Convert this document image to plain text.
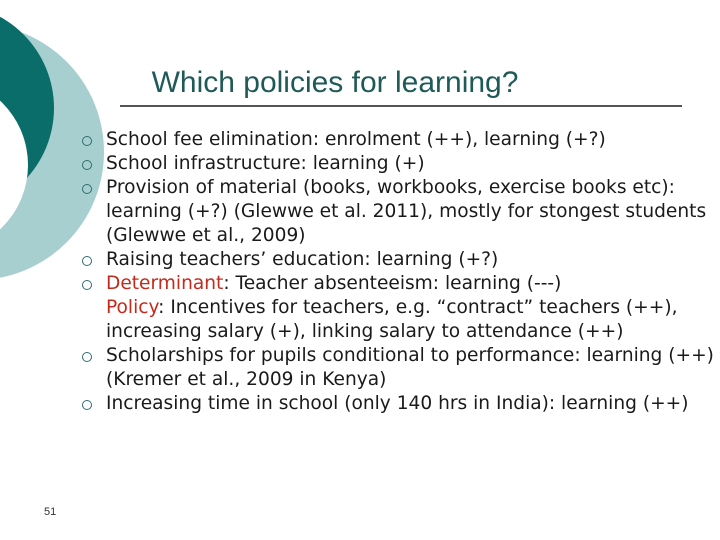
Which policies for learning?
School fee elimination: enrolment (++), learning (+?)
School infrastructure: learning (+)
Provision of material (books, workbooks, exercise books etc): learning (+?) (Glewwe et al. 2011), mostly for stongest students (Glewwe et al., 2009)
Raising teachers’ education: learning (+?)
Determinant: Teacher absenteeism: learning (---)
Policy: Incentives for teachers, e.g. “contract” teachers (++), increasing salary (+), linking salary to attendance (++)
Scholarships for pupils conditional to performance: learning (++) (Kremer et al., 2009 in Kenya)
Increasing time in school (only 140 hrs in India): learning (++)
51
